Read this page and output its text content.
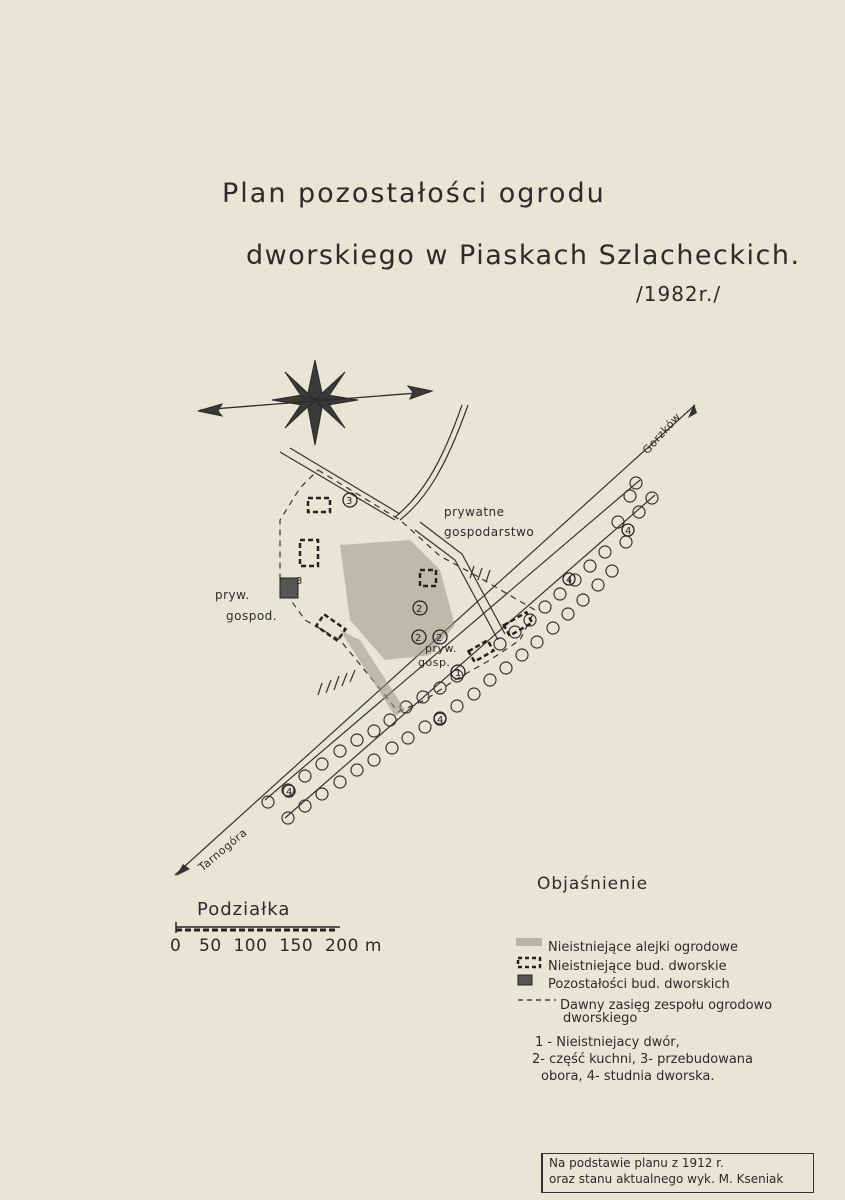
3
2
2 2
1
3
4
4
4
4
Plan pozostałości ogrodu
dworskiego w Piaskach Szlacheckich.
/1982r./
prywatne
gospodarstwo
pryw.
gospod.
pryw.
gosp.
Gorzków
Tarnogóra
Podziałka
0   50  100  150  200 m
Objaśnienie
Nieistniejące alejki ogrodowe
Nieistniejące bud. dworskie
Pozostałości bud. dworskich
Dawny zasięg zespołu ogrodowo
dworskiego
1 - Nieistniejacy dwór,
2- część kuchni, 3- przebudowana
obora, 4- studnia dworska.
Na podstawie planu z 1912 r.
oraz stanu aktualnego wyk. M. Kseniak
